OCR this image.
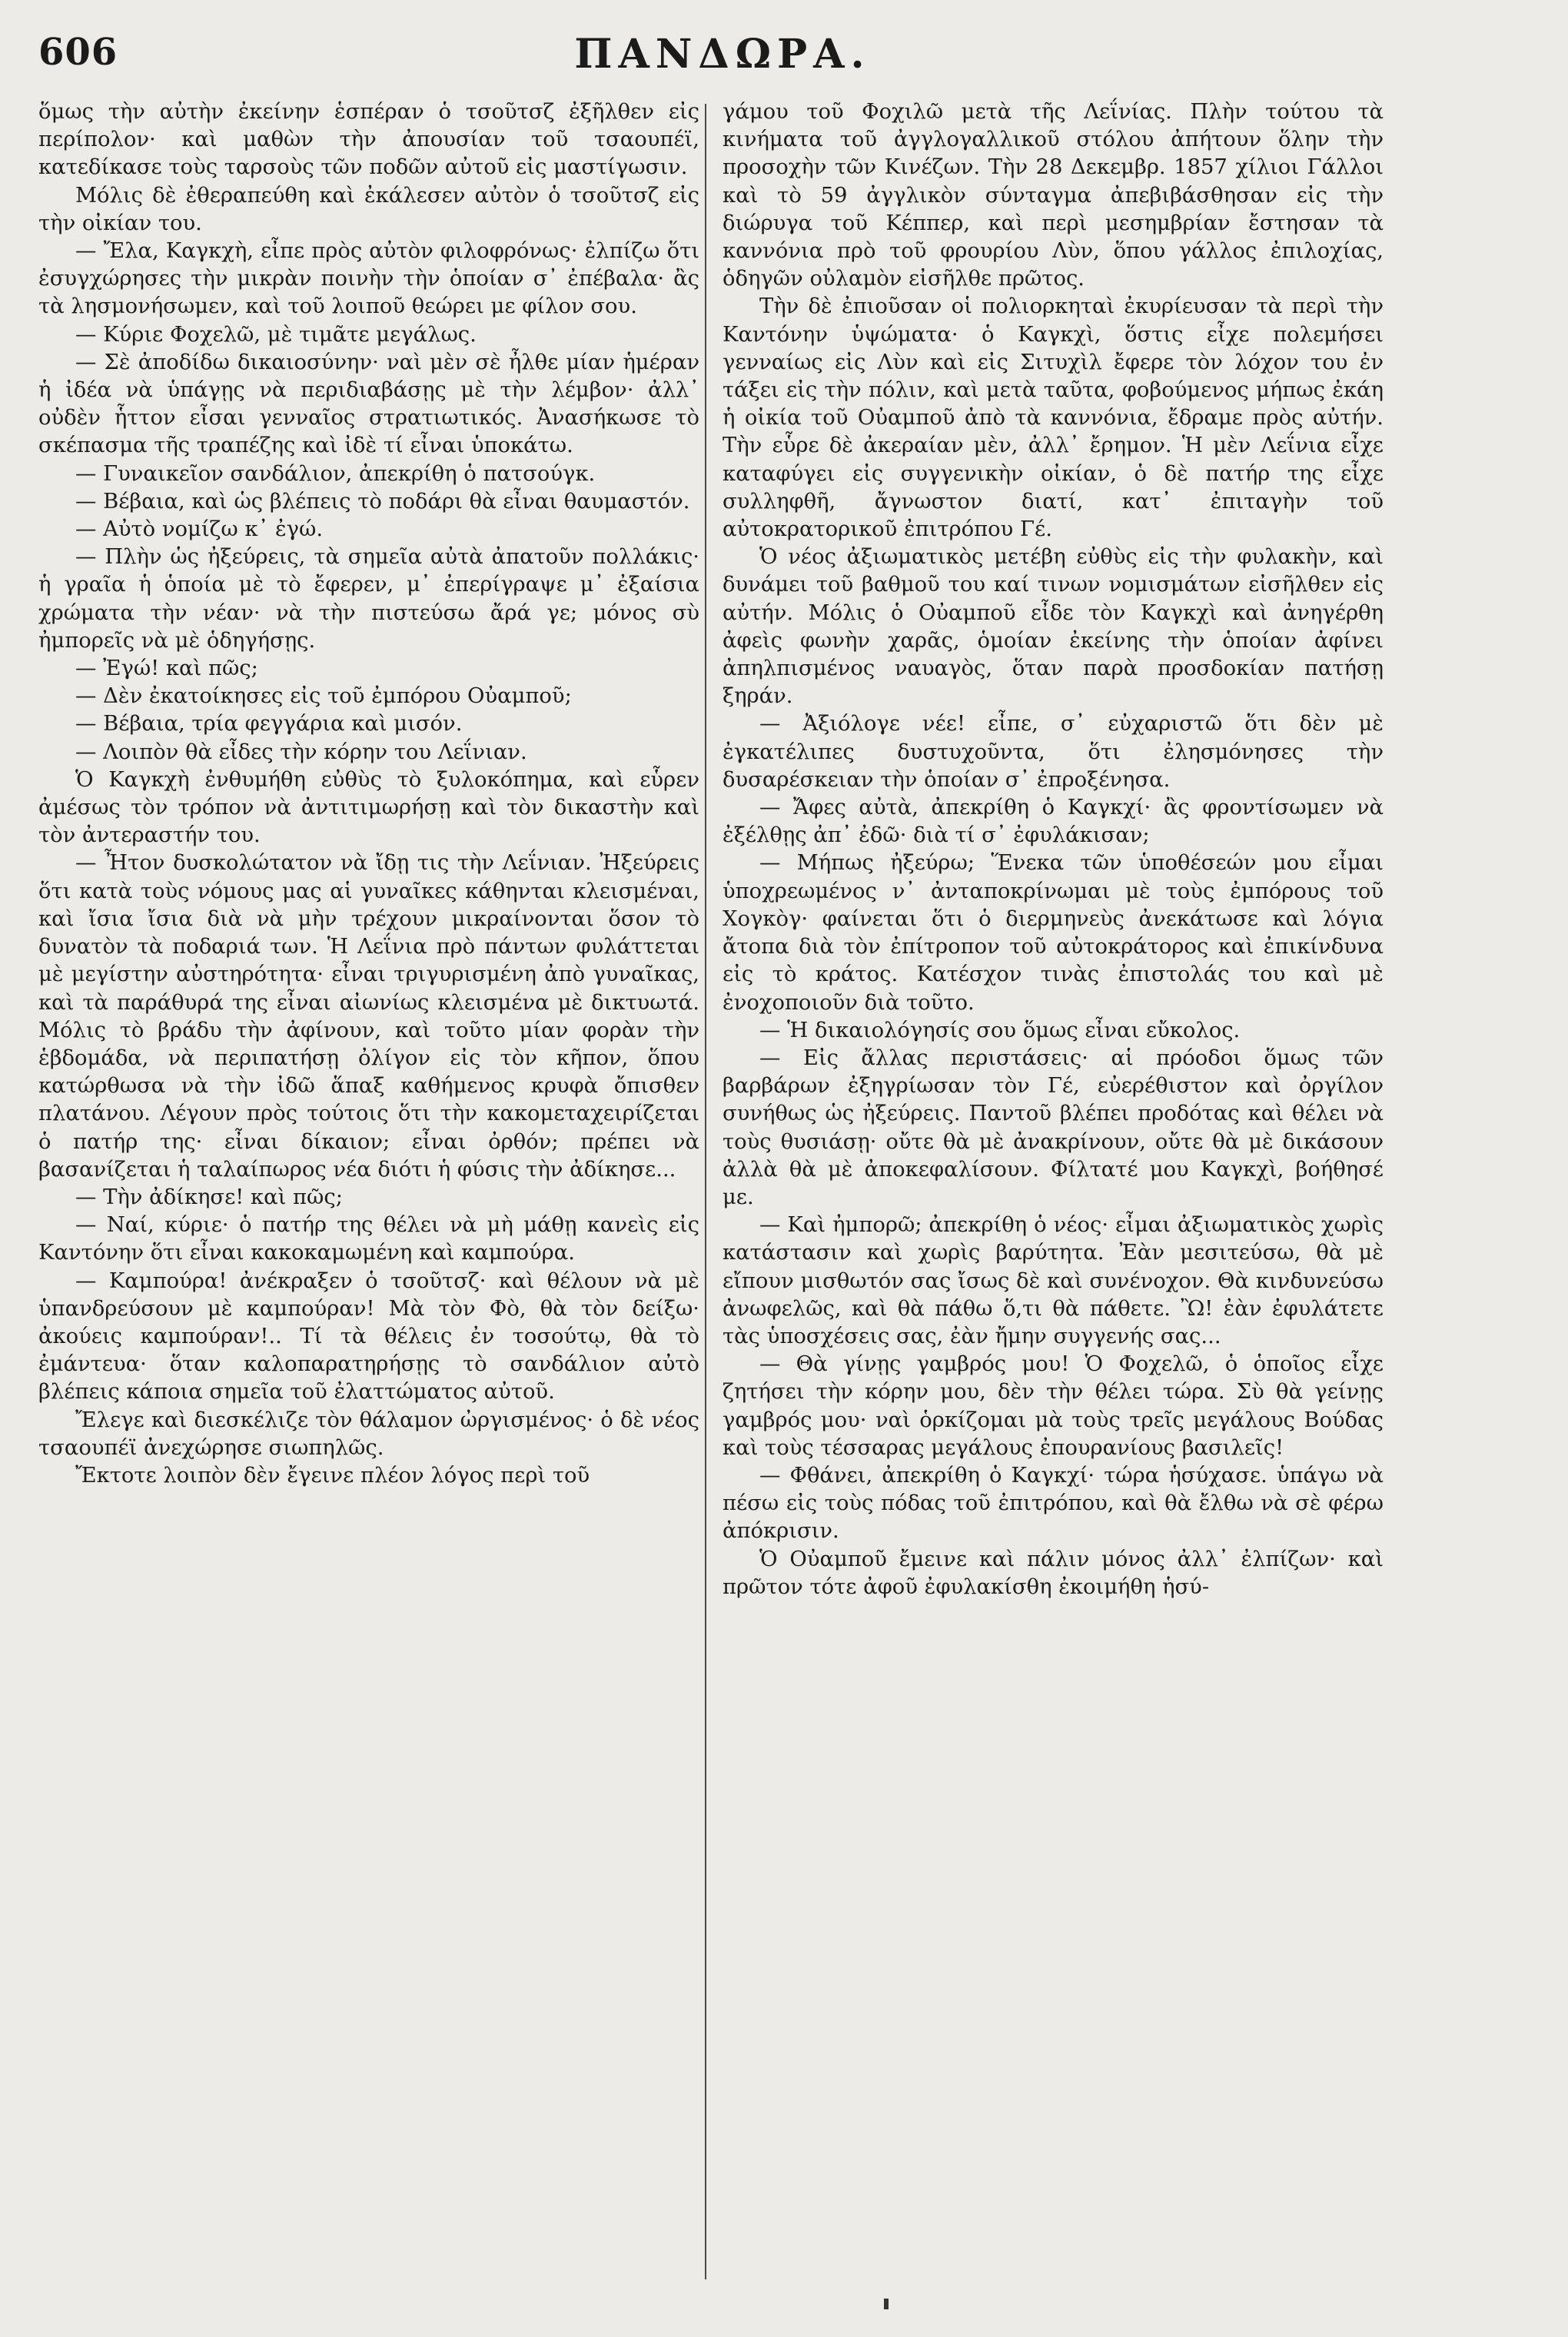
606	ΠΑΝΔΩΡΑ.

ὅμως τὴν αὐτὴν ἐκείνην ἑσπέραν ὁ τσοῦτσζ ἐξῆλθεν εἰς περίπολον· καὶ μαθὼν τὴν ἀπουσίαν τοῦ τσαουπέϊ, κατεδίκασε τοὺς ταρσοὺς τῶν ποδῶν αὐτοῦ εἰς μαστίγωσιν.

Μόλις δὲ ἐθεραπεύθη καὶ ἐκάλεσεν αὐτὸν ὁ τσοῦτσζ εἰς τὴν οἰκίαν του.

— Ἔλα, Καγκχὴ, εἶπε πρὸς αὐτὸν φιλοφρόνως· ἐλπίζω ὅτι ἐσυγχώρησες τὴν μικρὰν ποινὴν τὴν ὁποίαν σ᾽ ἐπέβαλα· ἂς τὰ λησμονήσωμεν, καὶ τοῦ λοιποῦ θεώρει με φίλον σου.

— Κύριε Φοχελῶ, μὲ τιμᾶτε μεγάλως.

— Σὲ ἀποδίδω δικαιοσύνην· ναὶ μὲν σὲ ἦλθε μίαν ἡμέραν ἡ ἰδέα νὰ ὑπάγῃς νὰ περιδιαβάσῃς μὲ τὴν λέμβον· ἀλλ᾽ οὐδὲν ἧττον εἶσαι γενναῖος στρατιωτικός. Ἀνασήκωσε τὸ σκέπασμα τῆς τραπέζης καὶ ἰδὲ τί εἶναι ὑποκάτω.

— Γυναικεῖον σανδάλιον, ἀπεκρίθη ὁ πατσούγκ.

— Βέβαια, καὶ ὡς βλέπεις τὸ ποδάρι θὰ εἶναι θαυμαστόν.

— Αὐτὸ νομίζω κ᾽ ἐγώ.

— Πλὴν ὡς ἠξεύρεις, τὰ σημεῖα αὐτὰ ἀπατοῦν πολλάκις· ἡ γραῖα ἡ ὁποία μὲ τὸ ἔφερεν, μ᾽ ἐπερίγραψε μ᾽ ἐξαίσια χρώματα τὴν νέαν· νὰ τὴν πιστεύσω ἄρά γε; μόνος σὺ ἠμπορεῖς νὰ μὲ ὁδηγήσῃς.

— Ἐγώ! καὶ πῶς;

— Δὲν ἐκατοίκησες εἰς τοῦ ἐμπόρου Οὐαμποῦ;

— Βέβαια, τρία φεγγάρια καὶ μισόν.

— Λοιπὸν θὰ εἶδες τὴν κόρην του Λεΐνιαν.

Ὁ Καγκχὴ ἐνθυμήθη εὐθὺς τὸ ξυλοκόπημα, καὶ εὗρεν ἀμέσως τὸν τρόπον νὰ ἀντιτιμωρήσῃ καὶ τὸν δικαστὴν καὶ τὸν ἀντεραστήν του.

— Ἦτον δυσκολώτατον νὰ ἴδῃ τις τὴν Λεΐνιαν. Ἠξεύρεις ὅτι κατὰ τοὺς νόμους μας αἱ γυναῖκες κάθηνται κλεισμέναι, καὶ ἴσια ἴσια διὰ νὰ μὴν τρέχουν μικραίνονται ὅσον τὸ δυνατὸν τὰ ποδαριά των. Ἡ Λεΐνια πρὸ πάντων φυλάττεται μὲ μεγίστην αὐστηρότητα· εἶναι τριγυρισμένη ἀπὸ γυναῖκας, καὶ τὰ παράθυρά της εἶναι αἰωνίως κλεισμένα μὲ δικτυωτά. Μόλις τὸ βράδυ τὴν ἀφίνουν, καὶ τοῦτο μίαν φορὰν τὴν ἑβδομάδα, νὰ περιπατήσῃ ὀλίγον εἰς τὸν κῆπον, ὅπου κατώρθωσα νὰ τὴν ἰδῶ ἅπαξ καθήμενος κρυφὰ ὄπισθεν πλατάνου. Λέγουν πρὸς τούτοις ὅτι τὴν κακομεταχειρίζεται ὁ πατήρ της· εἶναι δίκαιον; εἶναι ὀρθόν; πρέπει νὰ βασανίζεται ἡ ταλαίπωρος νέα διότι ἡ φύσις τὴν ἀδίκησε...

— Τὴν ἀδίκησε! καὶ πῶς;

— Ναί, κύριε· ὁ πατήρ της θέλει νὰ μὴ μάθῃ κανεὶς εἰς Καντόνην ὅτι εἶναι κακοκαμωμένη καὶ καμπούρα.

— Καμπούρα! ἀνέκραξεν ὁ τσοῦτσζ· καὶ θέλουν νὰ μὲ ὑπανδρεύσουν μὲ καμπούραν! Μὰ τὸν Φὸ, θὰ τὸν δείξω· ἀκούεις καμπούραν!.. Τί τὰ θέλεις ἐν τοσούτῳ, θὰ τὸ ἐμάντευα· ὅταν καλοπαρατηρήσῃς τὸ σανδάλιον αὐτὸ βλέπεις κάποια σημεῖα τοῦ ἐλαττώματος αὐτοῦ.

Ἔλεγε καὶ διεσκέλιζε τὸν θάλαμον ὠργισμένος· ὁ δὲ νέος τσαουπέϊ ἀνεχώρησε σιωπηλῶς.

Ἔκτοτε λοιπὸν δὲν ἔγεινε πλέον λόγος περὶ τοῦ

γάμου τοῦ Φοχιλῶ μετὰ τῆς Λεΐνίας. Πλὴν τούτου τὰ κινήματα τοῦ ἀγγλογαλλικοῦ στόλου ἀπήτουν ὅλην τὴν προσοχὴν τῶν Κινέζων. Τὴν 28 Δεκεμβρ. 1857 χίλιοι Γάλλοι καὶ τὸ 59 ἀγγλικὸν σύνταγμα ἀπεβιβάσθησαν εἰς τὴν διώρυγα τοῦ Κέππερ, καὶ περὶ μεσημβρίαν ἔστησαν τὰ καννόνια πρὸ τοῦ φρουρίου Λὺν, ὅπου γάλλος ἐπιλοχίας, ὁδηγῶν οὐλαμὸν εἰσῆλθε πρῶτος.

Τὴν δὲ ἐπιοῦσαν οἱ πολιορκηταὶ ἐκυρίευσαν τὰ περὶ τὴν Καντόνην ὑψώματα· ὁ Καγκχὶ, ὅστις εἶχε πολεμήσει γενναίως εἰς Λὺν καὶ εἰς Σιτυχὶλ ἔφερε τὸν λόχον του ἐν τάξει εἰς τὴν πόλιν, καὶ μετὰ ταῦτα, φοβούμενος μήπως ἐκάη ἡ οἰκία τοῦ Οὐαμποῦ ἀπὸ τὰ καννόνια, ἔδραμε πρὸς αὐτήν. Τὴν εὗρε δὲ ἀκεραίαν μὲν, ἀλλ᾽ ἔρημον. Ἡ μὲν Λεΐνια εἶχε καταφύγει εἰς συγγενικὴν οἰκίαν, ὁ δὲ πατήρ της εἶχε συλληφθῆ, ἄγνωστον διατί, κατ᾽ ἐπιταγὴν τοῦ αὐτοκρατορικοῦ ἐπιτρόπου Γέ.

Ὁ νέος ἀξιωματικὸς μετέβη εὐθὺς εἰς τὴν φυλακὴν, καὶ δυνάμει τοῦ βαθμοῦ του καί τινων νομισμάτων εἰσῆλθεν εἰς αὐτήν. Μόλις ὁ Οὐαμποῦ εἶδε τὸν Καγκχὶ καὶ ἀνηγέρθη ἀφεὶς φωνὴν χαρᾶς, ὁμοίαν ἐκείνης τὴν ὁποίαν ἀφίνει ἀπηλπισμένος ναυαγὸς, ὅταν παρὰ προσδοκίαν πατήσῃ ξηράν.

— Ἀξιόλογε νέε! εἶπε, σ᾽ εὐχαριστῶ ὅτι δὲν μὲ ἐγκατέλιπες δυστυχοῦντα, ὅτι ἐλησμόνησες τὴν δυσαρέσκειαν τὴν ὁποίαν σ᾽ ἐπροξένησα.

— Ἄφες αὐτὰ, ἀπεκρίθη ὁ Καγκχί· ἂς φροντίσωμεν νὰ ἐξέλθῃς ἀπ᾽ ἐδῶ· διὰ τί σ᾽ ἐφυλάκισαν;

— Μήπως ἠξεύρω; Ἕνεκα τῶν ὑποθέσεών μου εἶμαι ὑποχρεωμένος ν᾽ ἀνταποκρίνωμαι μὲ τοὺς ἐμπόρους τοῦ Χογκὸγ· φαίνεται ὅτι ὁ διερμηνεὺς ἀνεκάτωσε καὶ λόγια ἄτοπα διὰ τὸν ἐπίτροπον τοῦ αὐτοκράτορος καὶ ἐπικίνδυνα εἰς τὸ κράτος. Κατέσχον τινὰς ἐπιστολάς του καὶ μὲ ἐνοχοποιοῦν διὰ τοῦτο.

— Ἡ δικαιολόγησίς σου ὅμως εἶναι εὔκολος.

— Εἰς ἄλλας περιστάσεις· αἱ πρόοδοι ὅμως τῶν βαρβάρων ἐξηγρίωσαν τὸν Γέ, εὐερέθιστον καὶ ὀργίλον συνήθως ὡς ἠξεύρεις. Παντοῦ βλέπει προδότας καὶ θέλει νὰ τοὺς θυσιάσῃ· οὔτε θὰ μὲ ἀνακρίνουν, οὔτε θὰ μὲ δικάσουν ἀλλὰ θὰ μὲ ἀποκεφαλίσουν. Φίλτατέ μου Καγκχὶ, βοήθησέ με.

— Καὶ ἠμπορῶ; ἀπεκρίθη ὁ νέος· εἶμαι ἀξιωματικὸς χωρὶς κατάστασιν καὶ χωρὶς βαρύτητα. Ἐὰν μεσιτεύσω, θὰ μὲ εἴπουν μισθωτόν σας ἴσως δὲ καὶ συνένοχον. Θὰ κινδυνεύσω ἀνωφελῶς, καὶ θὰ πάθω ὅ,τι θὰ πάθετε. Ὢ! ἐὰν ἐφυλάτετε τὰς ὑποσχέσεις σας, ἐὰν ἤμην συγγενής σας...

— Θὰ γίνῃς γαμβρός μου! Ὁ Φοχελῶ, ὁ ὁποῖος εἶχε ζητήσει τὴν κόρην μου, δὲν τὴν θέλει τώρα. Σὺ θὰ γείνῃς γαμβρός μου· ναὶ ὁρκίζομαι μὰ τοὺς τρεῖς μεγάλους Βούδας καὶ τοὺς τέσσαρας μεγάλους ἐπουρανίους βασιλεῖς!

— Φθάνει, ἀπεκρίθη ὁ Καγκχί· τώρα ἡσύχασε. ὑπάγω νὰ πέσω εἰς τοὺς πόδας τοῦ ἐπιτρόπου, καὶ θὰ ἔλθω νὰ σὲ φέρω ἀπόκρισιν.

Ὁ Οὐαμποῦ ἔμεινε καὶ πάλιν μόνος ἀλλ᾽ ἐλπίζων· καὶ πρῶτον τότε ἀφοῦ ἐφυλακίσθη ἐκοιμήθη ἡσύ-
